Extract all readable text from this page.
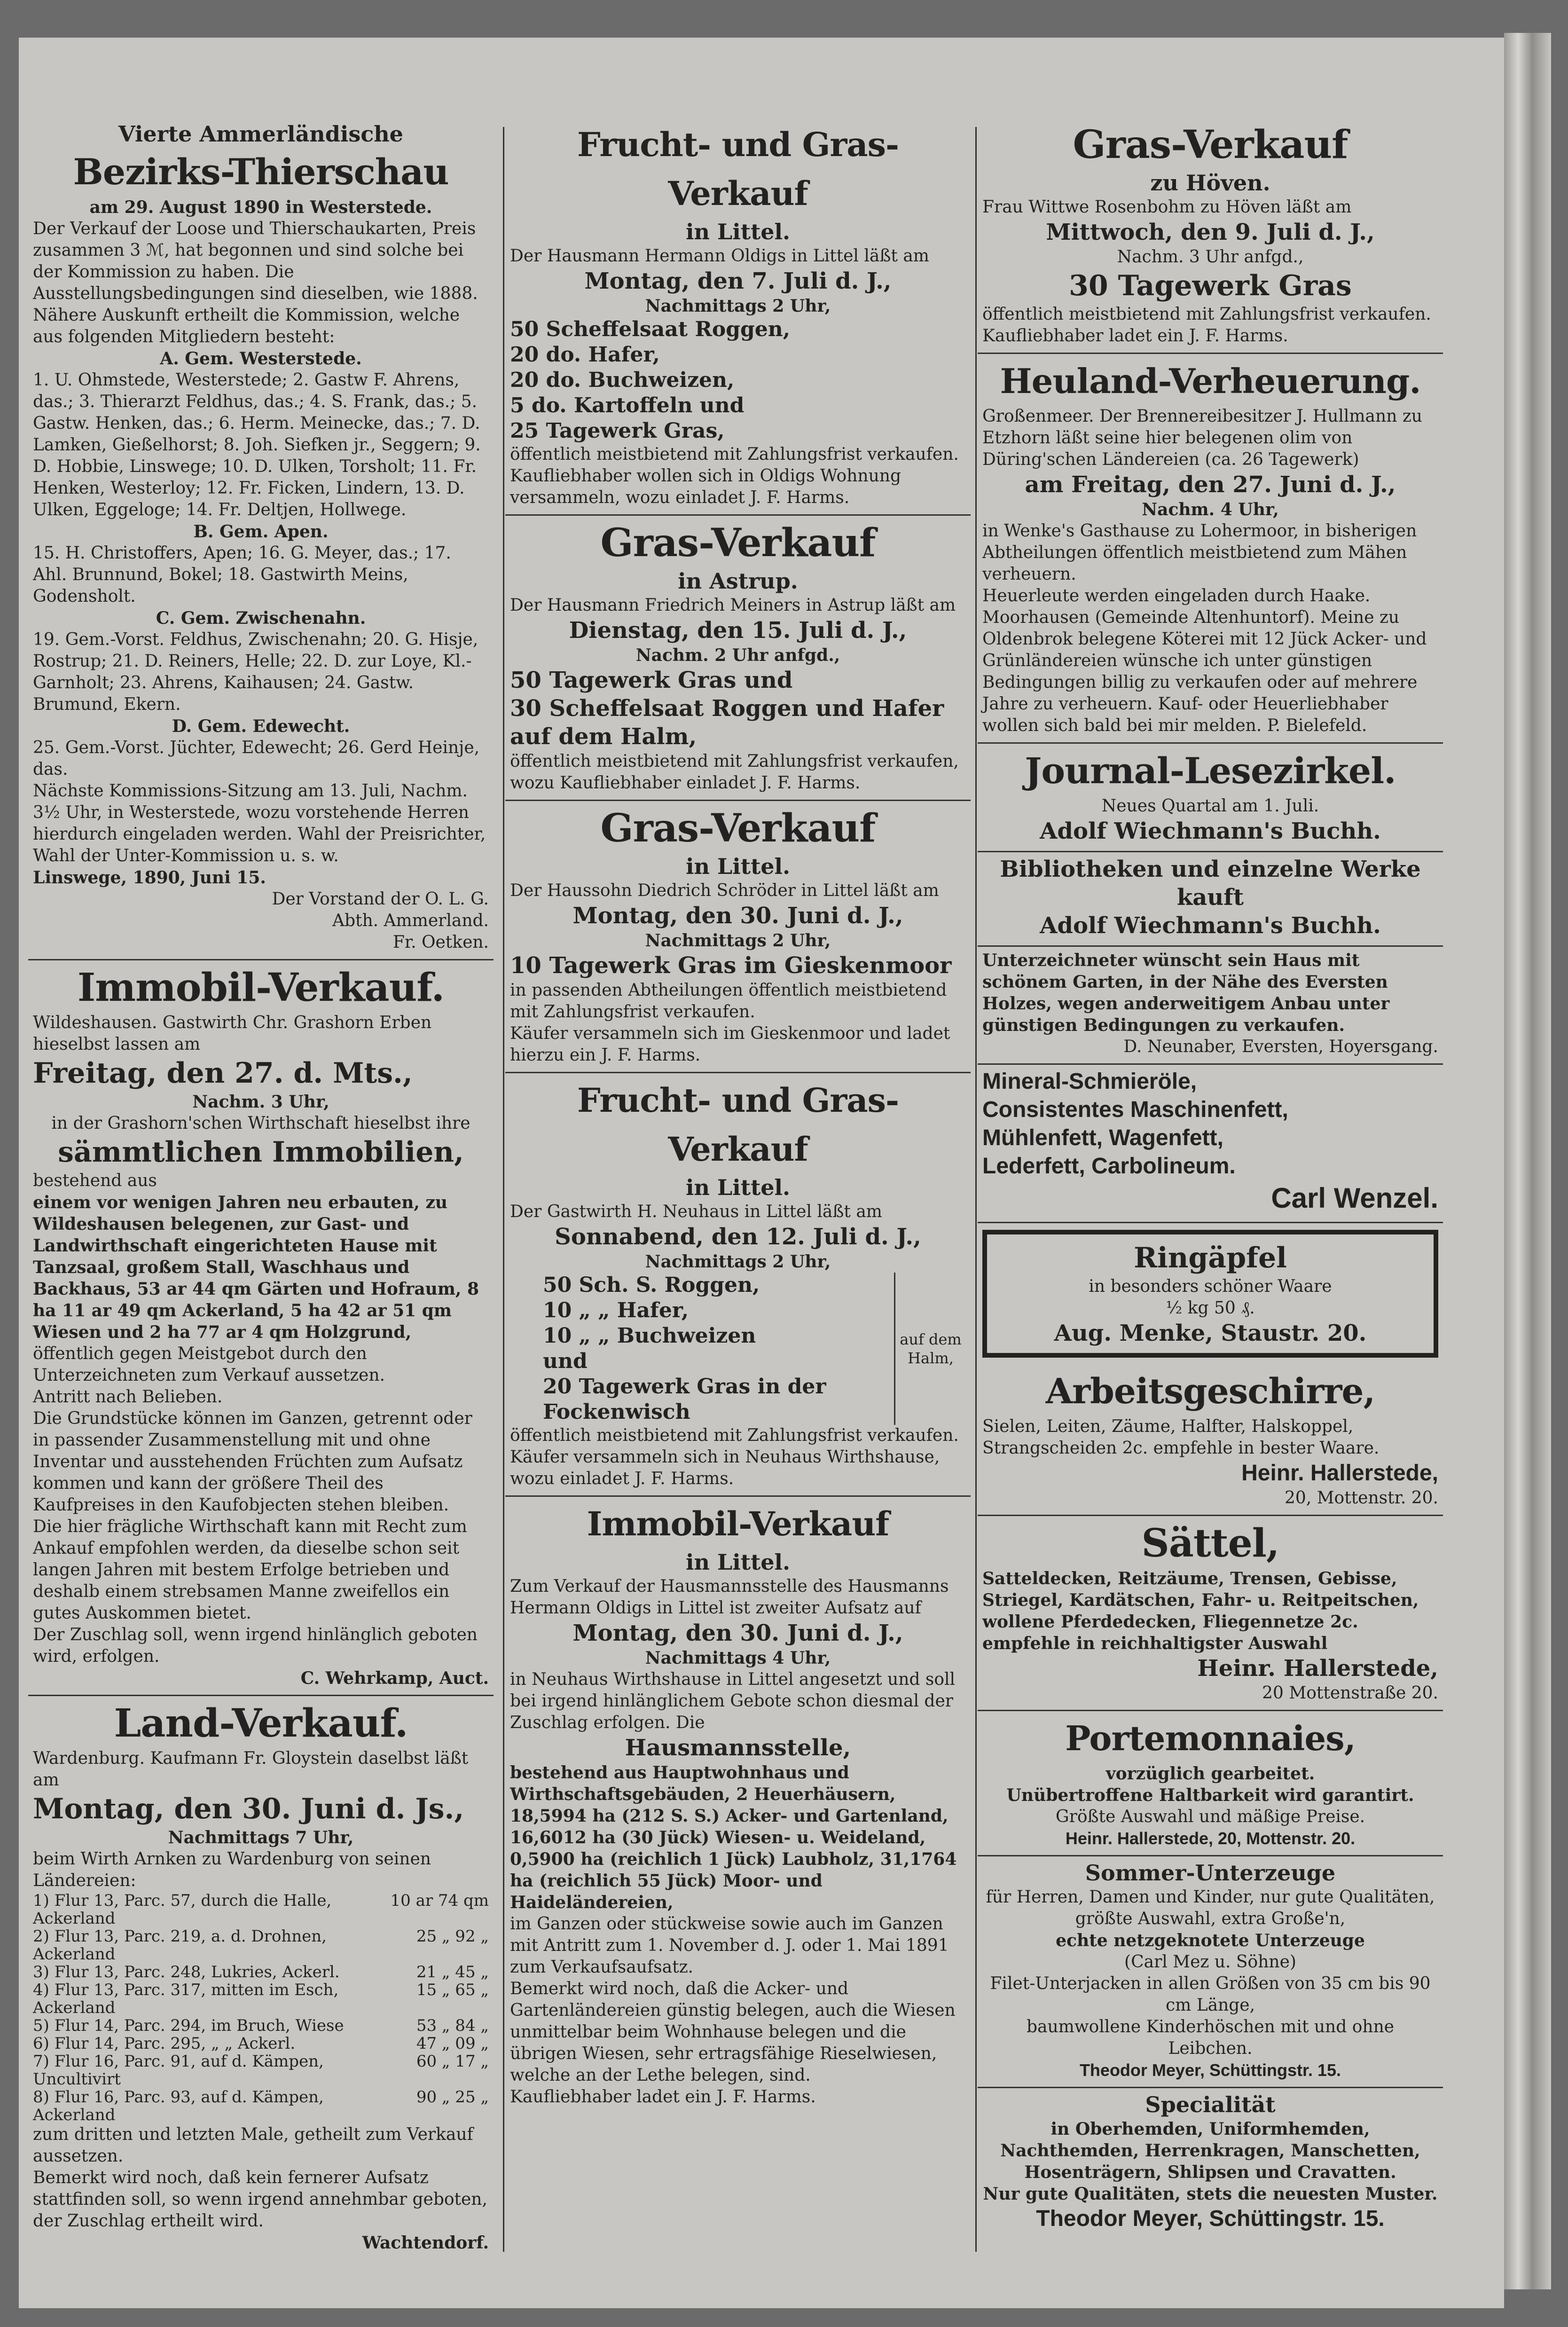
Vierte Ammerländische

Bezirks-Thierschau

am 29. August 1890 in Westerstede.

Der Verkauf der Loose und Thierschaukarten, Preis zusammen 3 ℳ, hat begonnen und sind solche bei der Kommission zu haben. Die Ausstellungsbedingungen sind dieselben, wie 1888. Nähere Auskunft ertheilt die Kommission, welche aus folgenden Mitgliedern besteht:

A. Gem. Westerstede.

1. U. Ohmstede, Westerstede; 2. Gastw F. Ahrens, das.; 3. Thierarzt Feldhus, das.; 4. S. Frank, das.; 5. Gastw. Henken, das.; 6. Herm. Meinecke, das.; 7. D. Lamken, Gießelhorst; 8. Joh. Siefken jr., Seggern; 9. D. Hobbie, Linswege; 10. D. Ulken, Torsholt; 11. Fr. Henken, Westerloy; 12. Fr. Ficken, Lindern, 13. D. Ulken, Eggeloge; 14. Fr. Deltjen, Hollwege.

B. Gem. Apen.

15. H. Christoffers, Apen; 16. G. Meyer, das.; 17. Ahl. Brunnund, Bokel; 18. Gastwirth Meins, Godensholt.

C. Gem. Zwischenahn.

19. Gem.-Vorst. Feldhus, Zwischenahn; 20. G. Hisje, Rostrup; 21. D. Reiners, Helle; 22. D. zur Loye, Kl.-Garnholt; 23. Ahrens, Kaihausen; 24. Gastw. Brumund, Ekern.

D. Gem. Edewecht.

25. Gem.-Vorst. Jüchter, Edewecht; 26. Gerd Heinje, das.

Nächste Kommissions-Sitzung am 13. Juli, Nachm. 3½ Uhr, in Westerstede, wozu vorstehende Herren hierdurch eingeladen werden. Wahl der Preisrichter, Wahl der Unter-Kommission u. s. w.

Linswege, 1890, Juni 15.

Der Vorstand der O. L. G.

Abth. Ammerland.

Fr. Oetken.

Immobil-Verkauf.

Wildeshausen. Gastwirth Chr. Grashorn Erben hieselbst lassen am

Freitag, den 27. d. Mts.,

Nachm. 3 Uhr,

in der Grashorn'schen Wirthschaft hieselbst ihre

sämmtlichen Immobilien,

bestehend aus

einem vor wenigen Jahren neu erbauten, zu Wildeshausen belegenen, zur Gast- und Landwirthschaft eingerichteten Hause mit Tanzsaal, großem Stall, Waschhaus und Backhaus, 53 ar 44 qm Gärten und Hofraum, 8 ha 11 ar 49 qm Ackerland, 5 ha 42 ar 51 qm Wiesen und 2 ha 77 ar 4 qm Holzgrund,

öffentlich gegen Meistgebot durch den Unterzeichneten zum Verkauf aussetzen.

Antritt nach Belieben.

Die Grundstücke können im Ganzen, getrennt oder in passender Zusammenstellung mit und ohne Inventar und ausstehenden Früchten zum Aufsatz kommen und kann der größere Theil des Kaufpreises in den Kaufobjecten stehen bleiben.

Die hier frägliche Wirthschaft kann mit Recht zum Ankauf empfohlen werden, da dieselbe schon seit langen Jahren mit bestem Erfolge betrieben und deshalb einem strebsamen Manne zweifellos ein gutes Auskommen bietet.

Der Zuschlag soll, wenn irgend hinlänglich geboten wird, erfolgen.

C. Wehrkamp, Auct.

Land-Verkauf.

Wardenburg. Kaufmann Fr. Gloystein daselbst läßt am

Montag, den 30. Juni d. Js.,

Nachmittags 7 Uhr,

beim Wirth Arnken zu Wardenburg von seinen Ländereien:

1) Flur 13, Parc. 57, durch die Halle, Ackerland	10 ar 74 qm
2) Flur 13, Parc. 219, a. d. Drohnen, Ackerland	25 „ 92 „
3) Flur 13, Parc. 248, Lukries, Ackerl.	21 „ 45 „
4) Flur 13, Parc. 317, mitten im Esch, Ackerland	15 „ 65 „
5) Flur 14, Parc. 294, im Bruch, Wiese	53 „ 84 „
6) Flur 14, Parc. 295, „ „ Ackerl.	47 „ 09 „
7) Flur 16, Parc. 91, auf d. Kämpen, Uncultivirt	60 „ 17 „
8) Flur 16, Parc. 93, auf d. Kämpen, Ackerland	90 „ 25 „

zum dritten und letzten Male, getheilt zum Verkauf aussetzen.

Bemerkt wird noch, daß kein fernerer Aufsatz stattfinden soll, so wenn irgend annehmbar geboten, der Zuschlag ertheilt wird.

Wachtendorf.

Frucht- und Gras-Verkauf

in Littel.

Der Hausmann Hermann Oldigs in Littel läßt am

Montag, den 7. Juli d. J.,

Nachmittags 2 Uhr,

50 Scheffelsaat Roggen,

20 do. Hafer,

20 do. Buchweizen,

5 do. Kartoffeln und

25 Tagewerk Gras,

öffentlich meistbietend mit Zahlungsfrist verkaufen.

Kaufliebhaber wollen sich in Oldigs Wohnung versammeln, wozu einladet J. F. Harms.

Gras-Verkauf

in Astrup.

Der Hausmann Friedrich Meiners in Astrup läßt am

Dienstag, den 15. Juli d. J.,

Nachm. 2 Uhr anfgd.,

50 Tagewerk Gras und

30 Scheffelsaat Roggen und Hafer auf dem Halm,

öffentlich meistbietend mit Zahlungsfrist verkaufen, wozu Kaufliebhaber einladet J. F. Harms.

Gras-Verkauf

in Littel.

Der Haussohn Diedrich Schröder in Littel läßt am

Montag, den 30. Juni d. J.,

Nachmittags 2 Uhr,

10 Tagewerk Gras im Gieskenmoor

in passenden Abtheilungen öffentlich meistbietend mit Zahlungsfrist verkaufen.

Käufer versammeln sich im Gieskenmoor und ladet hierzu ein J. F. Harms.

Frucht- und Gras-Verkauf

in Littel.

Der Gastwirth H. Neuhaus in Littel läßt am

Sonnabend, den 12. Juli d. J.,

Nachmittags 2 Uhr,

50 Sch. S. Roggen,

10 „ „ Hafer,

10 „ „ Buchweizen

und

20 Tagewerk Gras in der Fockenwisch

auf dem Halm,

öffentlich meistbietend mit Zahlungsfrist verkaufen.

Käufer versammeln sich in Neuhaus Wirthshause, wozu einladet J. F. Harms.

Immobil-Verkauf

in Littel.

Zum Verkauf der Hausmannsstelle des Hausmanns Hermann Oldigs in Littel ist zweiter Aufsatz auf

Montag, den 30. Juni d. J.,

Nachmittags 4 Uhr,

in Neuhaus Wirthshause in Littel angesetzt und soll bei irgend hinlänglichem Gebote schon diesmal der Zuschlag erfolgen. Die

Hausmannsstelle,

bestehend aus Hauptwohnhaus und Wirthschaftsgebäuden, 2 Heuerhäusern, 18,5994 ha (212 S. S.) Acker- und Gartenland, 16,6012 ha (30 Jück) Wiesen- u. Weideland, 0,5900 ha (reichlich 1 Jück) Laubholz, 31,1764 ha (reichlich 55 Jück) Moor- und Haideländereien,

im Ganzen oder stückweise sowie auch im Ganzen mit Antritt zum 1. November d. J. oder 1. Mai 1891 zum Verkaufsaufsatz.

Bemerkt wird noch, daß die Acker- und Gartenländereien günstig belegen, auch die Wiesen unmittelbar beim Wohnhause belegen und die übrigen Wiesen, sehr ertragsfähige Rieselwiesen, welche an der Lethe belegen, sind.

Kaufliebhaber ladet ein J. F. Harms.

Gras-Verkauf

zu Höven.

Frau Wittwe Rosenbohm zu Höven läßt am

Mittwoch, den 9. Juli d. J.,

Nachm. 3 Uhr anfgd.,

30 Tagewerk Gras

öffentlich meistbietend mit Zahlungsfrist verkaufen.

Kaufliebhaber ladet ein J. F. Harms.

Heuland-Verheuerung.

Großenmeer. Der Brennereibesitzer J. Hullmann zu Etzhorn läßt seine hier belegenen olim von Düring'schen Ländereien (ca. 26 Tagewerk)

am Freitag, den 27. Juni d. J.,

Nachm. 4 Uhr,

in Wenke's Gasthause zu Lohermoor, in bisherigen Abtheilungen öffentlich meistbietend zum Mähen verheuern.

Heuerleute werden eingeladen durch Haake.

Moorhausen (Gemeinde Altenhuntorf). Meine zu Oldenbrok belegene Köterei mit 12 Jück Acker- und Grünländereien wünsche ich unter günstigen Bedingungen billig zu verkaufen oder auf mehrere Jahre zu verheuern. Kauf- oder Heuerliebhaber wollen sich bald bei mir melden. P. Bielefeld.

Journal-Lesezirkel.

Neues Quartal am 1. Juli.

Adolf Wiechmann's Buchh.

Bibliotheken und einzelne Werke kauft

Adolf Wiechmann's Buchh.

Unterzeichneter wünscht sein Haus mit schönem Garten, in der Nähe des Eversten Holzes, wegen anderweitigem Anbau unter günstigen Bedingungen zu verkaufen.

D. Neunaber, Eversten, Hoyersgang.

Mineral-Schmieröle,

Consistentes Maschinenfett,

Mühlenfett, Wagenfett,

Lederfett, Carbolineum.

Carl Wenzel.

Ringäpfel

in besonders schöner Waare

½ kg 50 ₰.

Aug. Menke, Staustr. 20.

Arbeitsgeschirre,

Sielen, Leiten, Zäume, Halfter, Halskoppel, Strangscheiden 2c. empfehle in bester Waare.

Heinr. Hallerstede,

20, Mottenstr. 20.

Sättel,

Satteldecken, Reitzäume, Trensen, Gebisse, Striegel, Kardätschen, Fahr- u. Reitpeitschen, wollene Pferdedecken, Fliegennetze 2c. empfehle in reichhaltigster Auswahl

Heinr. Hallerstede,

20 Mottenstraße 20.

Portemonnaies,

vorzüglich gearbeitet.

Unübertroffene Haltbarkeit wird garantirt.

Größte Auswahl und mäßige Preise.

Heinr. Hallerstede, 20, Mottenstr. 20.

Sommer-Unterzeuge

für Herren, Damen und Kinder, nur gute Qualitäten, größte Auswahl, extra Große'n,

echte netzgeknotete Unterzeuge

(Carl Mez u. Söhne)

Filet-Unterjacken in allen Größen von 35 cm bis 90 cm Länge,

baumwollene Kinderhöschen mit und ohne Leibchen.

Theodor Meyer, Schüttingstr. 15.

Specialität

in Oberhemden, Uniformhemden, Nachthemden, Herrenkragen, Manschetten, Hosenträgern, Shlipsen und Cravatten.

Nur gute Qualitäten, stets die neuesten Muster.

Theodor Meyer, Schüttingstr. 15.
